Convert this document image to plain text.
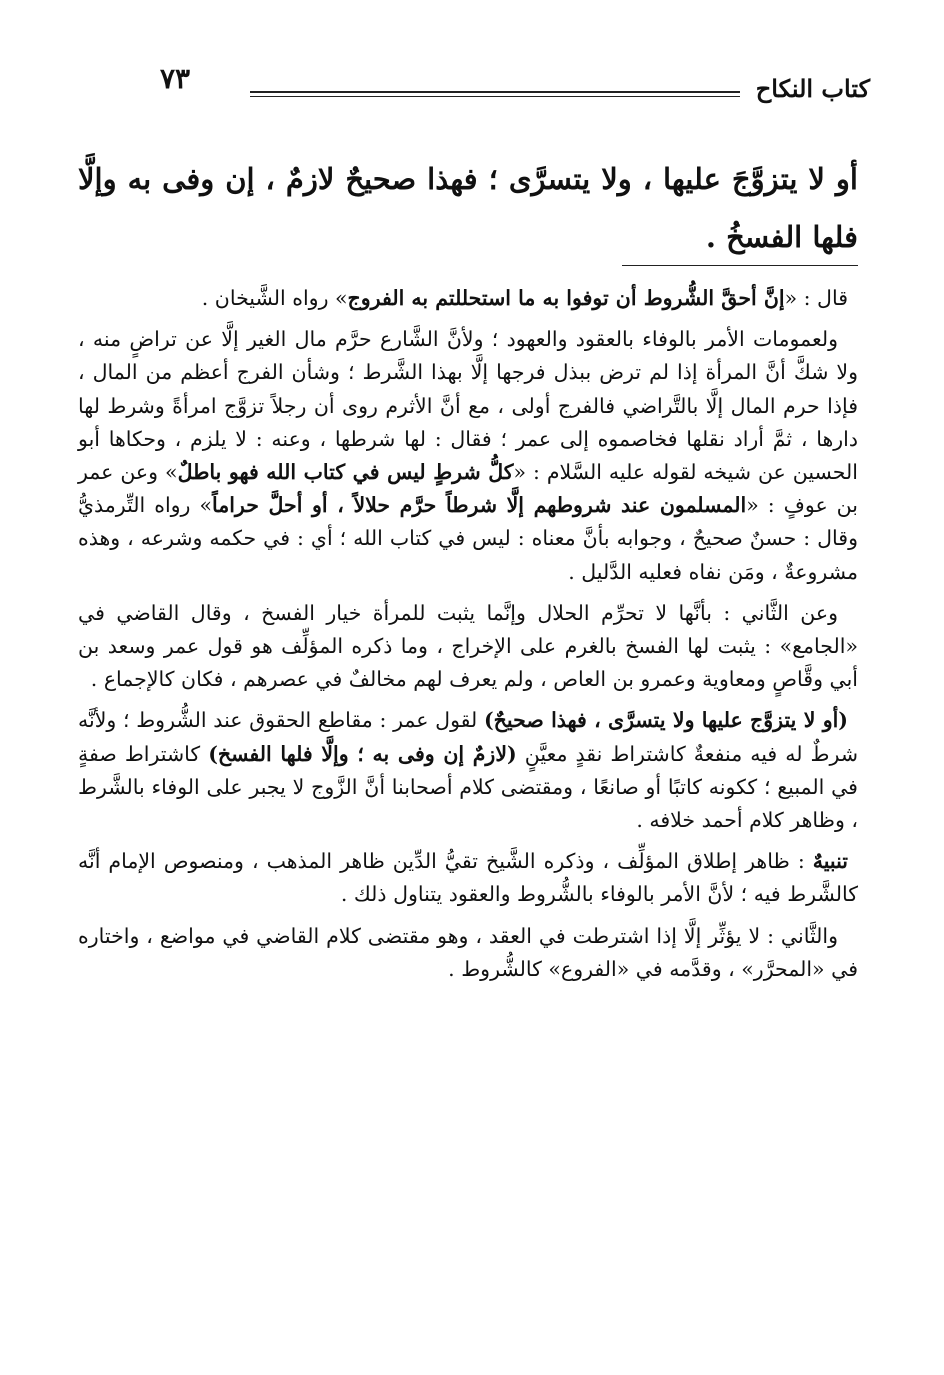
٧٣	كتاب النكاح
أو لا يتزوَّجَ عليها ، ولا يتسرَّى ؛ فهذا صحيحٌ لازمٌ ، إن وفى به وإلَّا فلها الفسخُ .

قال : «إنَّ أحقَّ الشُّروط أن توفوا به ما استحللتم به الفروج» رواه الشَّيخان .

ولعمومات الأمر بالوفاء بالعقود والعهود ؛ ولأنَّ الشَّارع حرَّم مال الغير إلَّا عن تراضٍ منه ، ولا شكَّ أنَّ المرأة إذا لم ترض ببذل فرجها إلَّا بهذا الشَّرط ؛ وشأن الفرج أعظم من المال ، فإذا حرم المال إلَّا بالتَّراضي فالفرج أولى ، مع أنَّ الأثرم روى أن رجلاً تزوَّج امرأةً وشرط لها دارها ، ثمَّ أراد نقلها فخاصموه إلى عمر ؛ فقال : لها شرطها ، وعنه : لا يلزم ، وحكاها أبو الحسين عن شيخه لقوله عليه السَّلام : «كلُّ شرطٍ ليس في كتاب الله فهو باطلٌ» وعن عمر بن عوفٍ : «المسلمون عند شروطهم إلَّا شرطاً حرَّم حلالاً ، أو أحلَّ حراماً» رواه التِّرمذيُّ وقال : حسنٌ صحيحٌ ، وجوابه بأنَّ معناه : ليس في كتاب الله ؛ أي : في حكمه وشرعه ، وهذه مشروعةٌ ، ومَن نفاه فعليه الدَّليل .

وعن الثَّاني : بأنَّها لا تحرِّم الحلال وإنَّما يثبت للمرأة خيار الفسخ ، وقال القاضي في «الجامع» : يثبت لها الفسخ بالغرم على الإخراج ، وما ذكره المؤلِّف هو قول عمر وسعد بن أبي وقَّاصٍ ومعاوية وعمرو بن العاص ، ولم يعرف لهم مخالفٌ في عصرهم ، فكان كالإجماع .

(أو لا يتزوَّج عليها ولا يتسرَّى ، فهذا صحيحٌ) لقول عمر : مقاطع الحقوق عند الشُّروط ؛ ولأنَّه شرطٌ له فيه منفعةٌ كاشتراط نقدٍ معيَّنٍ (لازمٌ إن وفى به ؛ وإلَّا فلها الفسخ) كاشتراط صفةٍ في المبيع ؛ ككونه كاتبًا أو صانعًا ، ومقتضى كلام أصحابنا أنَّ الزَّوج لا يجبر على الوفاء بالشَّرط ، وظاهر كلام أحمد خلافه .

تنبيهٌ : ظاهر إطلاق المؤلِّف ، وذكره الشَّيخ تقيُّ الدِّين ظاهر المذهب ، ومنصوص الإمام أنَّه كالشَّرط فيه ؛ لأنَّ الأمر بالوفاء بالشُّروط والعقود يتناول ذلك .

والثَّاني : لا يؤثِّر إلَّا إذا اشترطت في العقد ، وهو مقتضى كلام القاضي في مواضع ، واختاره في «المحرَّر» ، وقدَّمه في «الفروع» كالشُّروط .
